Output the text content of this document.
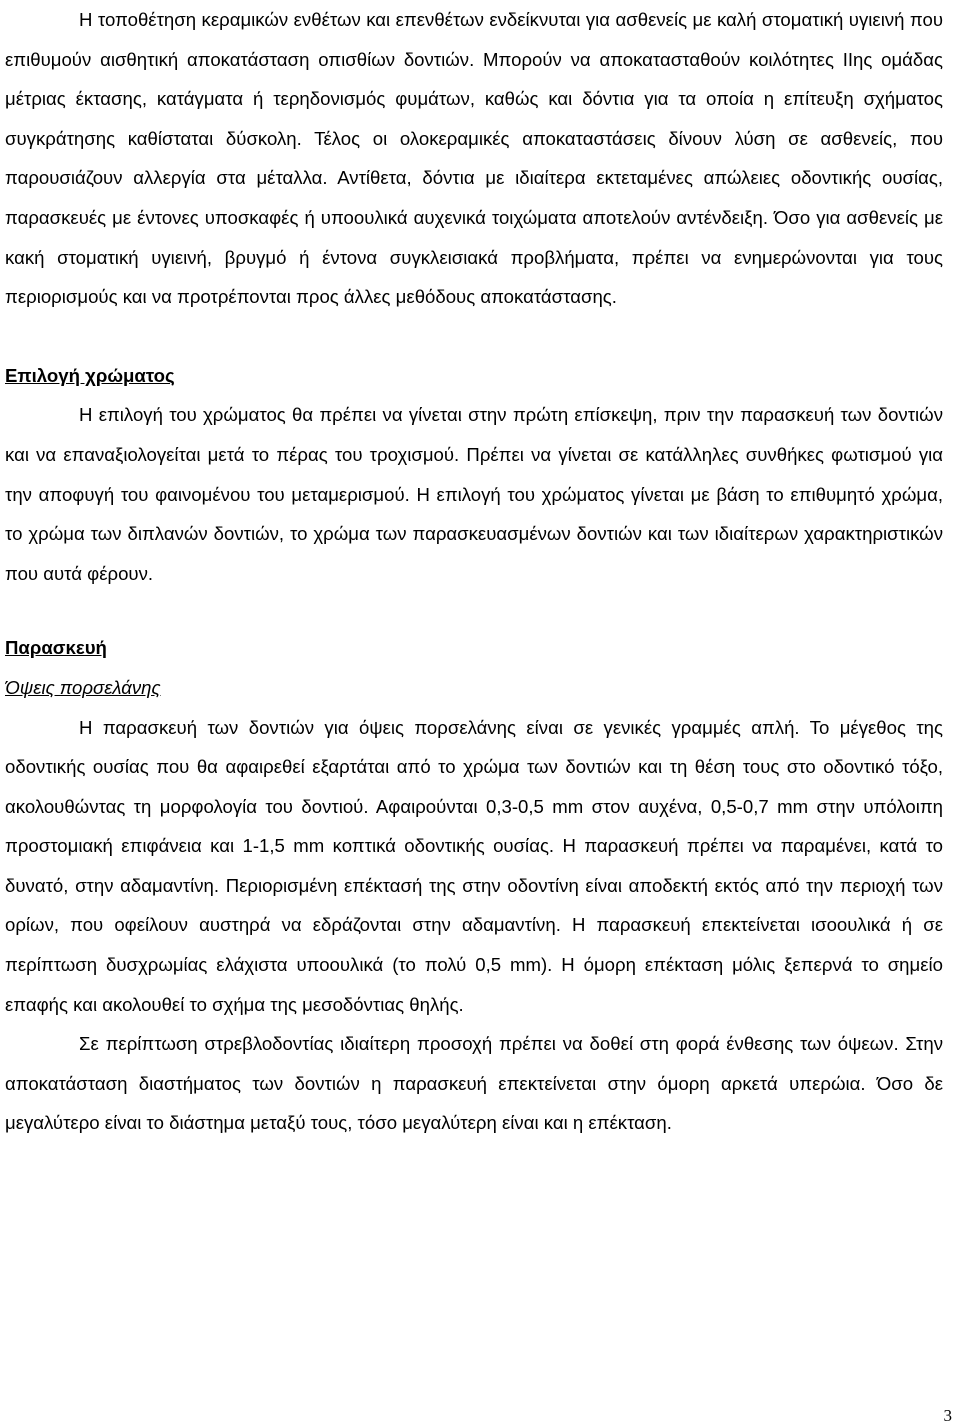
Η τοποθέτηση κεραμικών ενθέτων και επενθέτων ενδείκνυται για ασθενείς με καλή στοματική υγιεινή που επιθυμούν αισθητική αποκατάσταση οπισθίων δοντιών. Μπορούν να αποκατασταθούν κοιλότητες ΙΙης ομάδας μέτριας έκτασης, κατάγματα ή τερηδονισμός φυμάτων, καθώς και δόντια για τα οποία η επίτευξη σχήματος συγκράτησης καθίσταται δύσκολη. Τέλος οι ολοκεραμικές αποκαταστάσεις δίνουν λύση σε ασθενείς, που παρουσιάζουν αλλεργία στα μέταλλα. Αντίθετα, δόντια με ιδιαίτερα εκτεταμένες απώλειες οδοντικής ουσίας, παρασκευές με έντονες υποσκαφές ή υποουλικά αυχενικά τοιχώματα αποτελούν αντένδειξη. Όσο για ασθενείς με κακή στοματική υγιεινή, βρυγμό ή έντονα συγκλεισιακά προβλήματα, πρέπει να ενημερώνονται για τους περιορισμούς και να προτρέπονται προς άλλες μεθόδους αποκατάστασης.

Επιλογή χρώματος

Η επιλογή του χρώματος θα πρέπει να γίνεται στην πρώτη επίσκεψη, πριν την παρασκευή των δοντιών και να επαναξιολογείται μετά το πέρας του τροχισμού. Πρέπει να γίνεται σε κατάλληλες συνθήκες φωτισμού για την αποφυγή του φαινομένου του μεταμερισμού. Η επιλογή του χρώματος γίνεται με βάση το επιθυμητό χρώμα, το χρώμα των διπλανών δοντιών, το χρώμα των παρασκευασμένων δοντιών και των ιδιαίτερων χαρακτηριστικών που αυτά φέρουν.

Παρασκευή
Όψεις πορσελάνης

Η παρασκευή των δοντιών για όψεις πορσελάνης είναι σε γενικές γραμμές απλή. Το μέγεθος της οδοντικής ουσίας που θα αφαιρεθεί εξαρτάται από το χρώμα των δοντιών και τη θέση τους στο οδοντικό τόξο, ακολουθώντας τη μορφολογία του δοντιού. Αφαιρούνται 0,3-0,5 mm στον αυχένα, 0,5-0,7 mm στην υπόλοιπη προστομιακή επιφάνεια και 1-1,5 mm κοπτικά οδοντικής ουσίας. Η παρασκευή πρέπει να παραμένει, κατά το δυνατό, στην αδαμαντίνη. Περιορισμένη επέκτασή της στην οδοντίνη είναι αποδεκτή εκτός από την περιοχή των ορίων, που οφείλουν αυστηρά να εδράζονται στην αδαμαντίνη. Η παρασκευή επεκτείνεται ισοουλικά ή σε περίπτωση δυσχρωμίας ελάχιστα υποουλικά (το πολύ 0,5 mm). Η όμορη επέκταση μόλις ξεπερνά το σημείο επαφής και ακολουθεί το σχήμα της μεσοδόντιας θηλής.

Σε περίπτωση στρεβλοδοντίας ιδιαίτερη προσοχή πρέπει να δοθεί στη φορά ένθεσης των όψεων. Στην αποκατάσταση διαστήματος των δοντιών η παρασκευή επεκτείνεται στην όμορη αρκετά υπερώια. Όσο δε μεγαλύτερο είναι το διάστημα μεταξύ τους, τόσο μεγαλύτερη είναι και η επέκταση.

3
